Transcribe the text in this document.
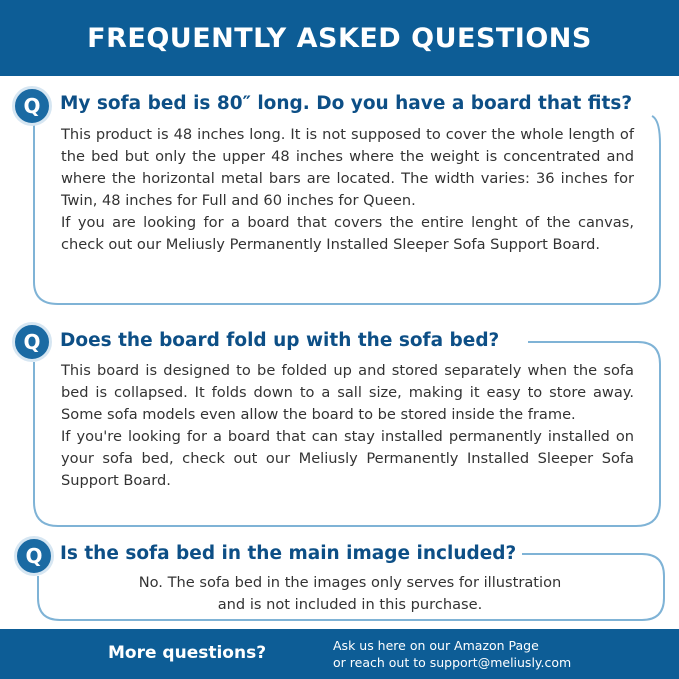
FREQUENTLY ASKED QUESTIONS
Q	My sofa bed is 80″ long. Do you have a board that fits?

This product is 48 inches long. It is not supposed to cover the whole length of the bed but only the upper 48 inches where the weight is concentrated and where the horizontal metal bars are located. The width varies: 36 inches for Twin, 48 inches for Full and 60 inches for Queen.

If you are looking for a board that covers the entire lenght of the canvas, check out our Meliusly Permanently Installed Sleeper Sofa Support Board.

Q	Does the board fold up with the sofa bed?

This board is designed to be folded up and stored separately when the sofa bed is collapsed. It folds down to a sall size, making it easy to store away. Some sofa models even allow the board to be stored inside the frame.

If you're looking for a board that can stay installed permanently installed on your sofa bed, check out our Meliusly Permanently Installed Sleeper Sofa Support Board.

Q Is the sofa bed in the main image included?

No. The sofa bed in the images only serves for illustration

and is not included in this purchase.

More questions?	Ask us here on our Amazon Page
or reach out to support@meliusly.com
